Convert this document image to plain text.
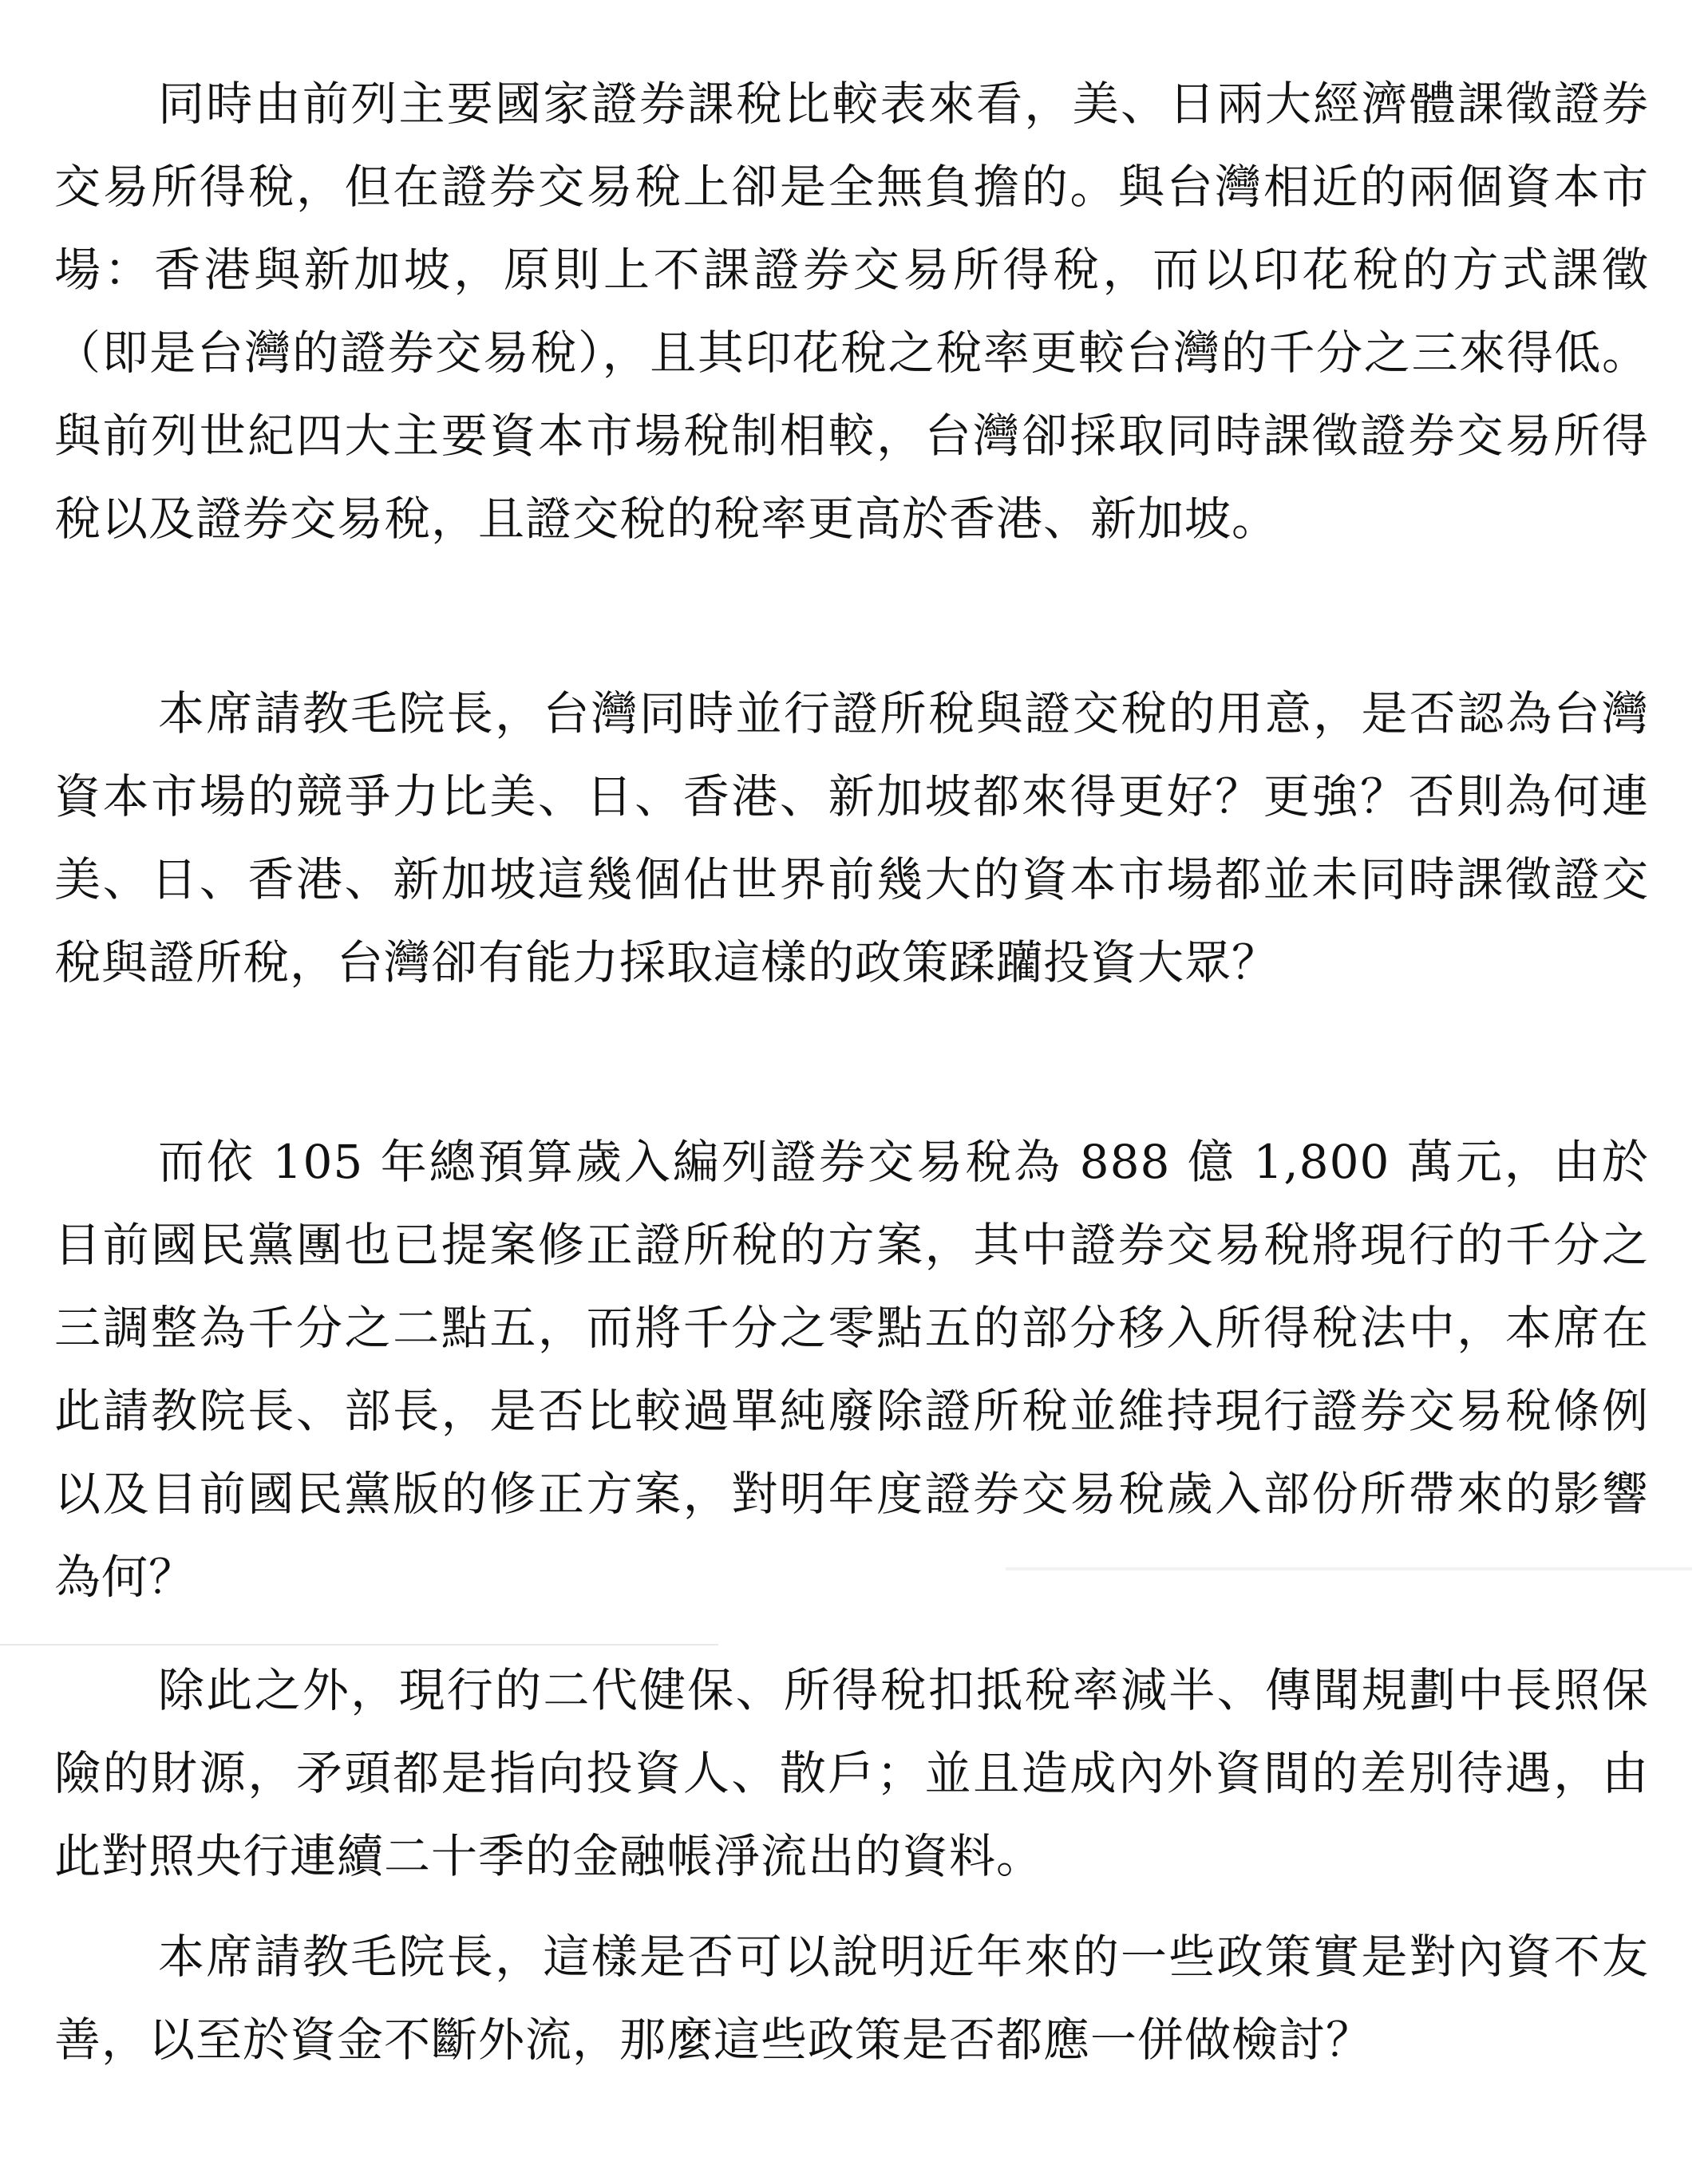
同時由前列主要國家證券課稅比較表來看，美、日兩大經濟體課徵證券交易所得稅，但在證券交易稅上卻是全無負擔的。與台灣相近的兩個資本市場：香港與新加坡，原則上不課證券交易所得稅，而以印花稅的方式課徵（即是台灣的證券交易稅），且其印花稅之稅率更較台灣的千分之三來得低。與前列世紀四大主要資本市場稅制相較，台灣卻採取同時課徵證券交易所得稅以及證券交易稅，且證交稅的稅率更高於香港、新加坡。

本席請教毛院長，台灣同時並行證所稅與證交稅的用意，是否認為台灣資本市場的競爭力比美、日、香港、新加坡都來得更好？更強？否則為何連美、日、香港、新加坡這幾個佔世界前幾大的資本市場都並未同時課徵證交稅與證所稅，台灣卻有能力採取這樣的政策蹂躪投資大眾？

而依 105 年總預算歲入編列證券交易稅為 888 億 1,800 萬元，由於目前國民黨團也已提案修正證所稅的方案，其中證券交易稅將現行的千分之三調整為千分之二點五，而將千分之零點五的部分移入所得稅法中，本席在此請教院長、部長，是否比較過單純廢除證所稅並維持現行證券交易稅條例以及目前國民黨版的修正方案，對明年度證券交易稅歲入部份所帶來的影響為何？

除此之外，現行的二代健保、所得稅扣抵稅率減半、傳聞規劃中長照保險的財源，矛頭都是指向投資人、散戶；並且造成內外資間的差別待遇，由此對照央行連續二十季的金融帳淨流出的資料。

本席請教毛院長，這樣是否可以說明近年來的一些政策實是對內資不友善，以至於資金不斷外流，那麼這些政策是否都應一併做檢討？
